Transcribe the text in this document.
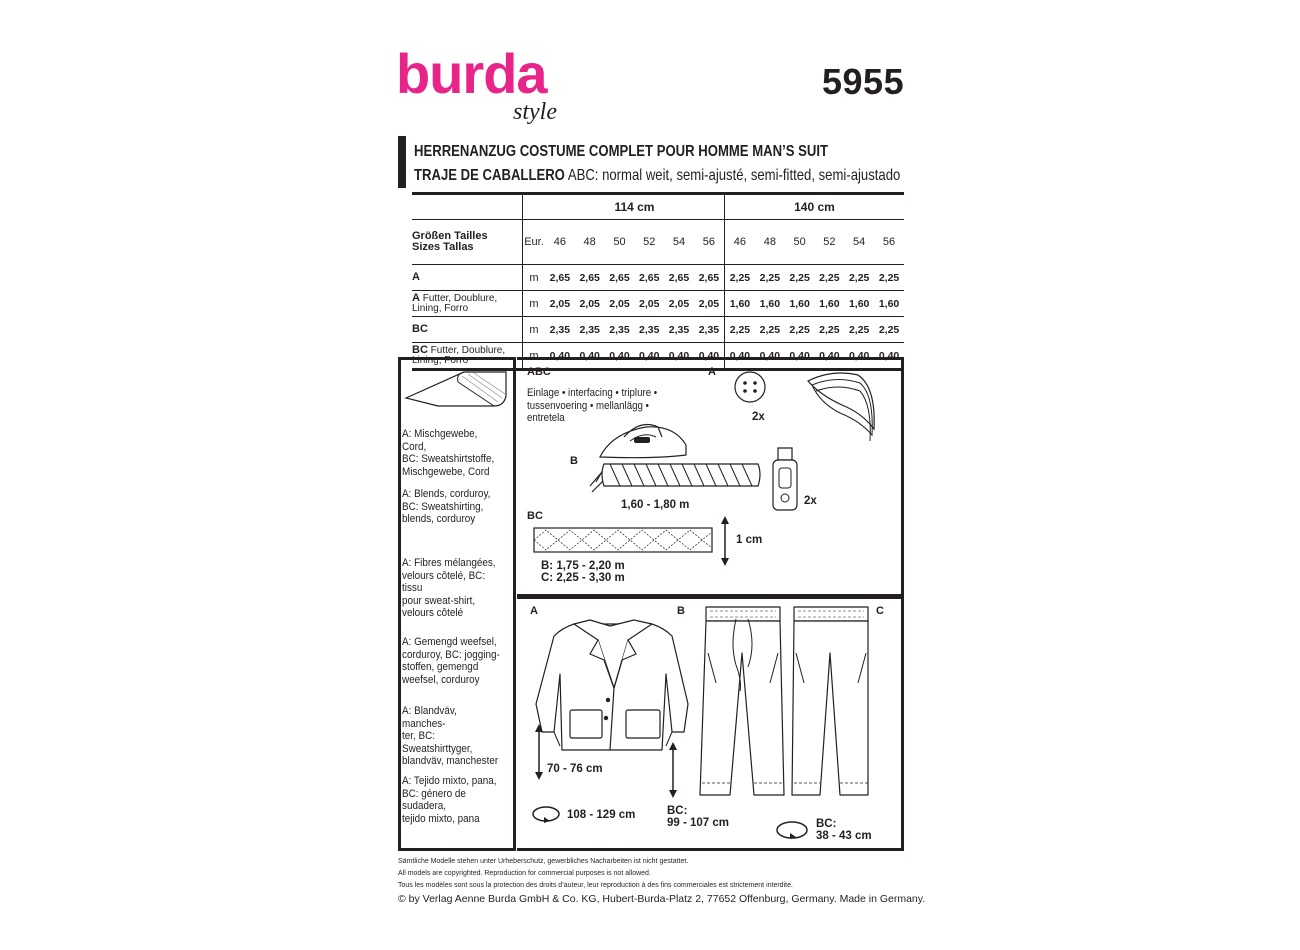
burda
style
5955
HERRENANZUG COSTUME COMPLET POUR HOMME MAN’S SUIT
TRAJE DE CABALLERO ABC: normal weit, semi-ajusté, semi-fitted, semi-ajustado
		114 cm						140 cm					
Größen Tailles
Sizes Tallas	Eur.	46	48	50	52	54	56	46	48	50	52	54	56
A	m	2,65	2,65	2,65	2,65	2,65	2,65	2,25	2,25	2,25	2,25	2,25	2,25
A Futter, Doublure,
Lining, Forro	m	2,05	2,05	2,05	2,05	2,05	2,05	1,60	1,60	1,60	1,60	1,60	1,60
BC	m	2,35	2,35	2,35	2,35	2,35	2,35	2,25	2,25	2,25	2,25	2,25	2,25
BC Futter, Doublure,
Lining, Forro	m	0,40	0,40	0,40	0,40	0,40	0,40	0,40	0,40	0,40	0,40	0,40	0,40
A: Mischgewebe, Cord,
BC: Sweatshirtstoffe,
Mischgewebe, Cord
A: Blends, corduroy,
BC: Sweatshirting,
blends, corduroy
A: Fibres mélangées,
velours côtelé, BC: tissu
pour sweat-shirt,
velours côtelé
A: Gemengd weefsel,
corduroy, BC: jogging-
stoffen, gemengd
weefsel, corduroy
A: Blandväv, manches-
ter, BC: Sweatshirttyger,
blandväv, manchester
A: Tejido mixto, pana,
BC: género de sudadera,
tejido mixto, pana
ABC
Einlage • interfacing • triplure •
tussenvoering • mellanlägg •
entretela
A
2x
B
1,60 - 1,80 m	2x
BC
1 cm
B: 1,75 - 2,20 m
C: 2,25 - 3,30 m
A	B	C
70 - 76 cm
108 - 129 cm	BC:
99 - 107 cm	BC:
38 - 43 cm
Sämtliche Modelle stehen unter Urheberschutz, gewerbliches Nacharbeiten ist nicht gestattet.
All models are copyrighted. Reproduction for commercial purposes is not allowed.
Tous les modèles sont sous la protection des droits d’auteur, leur reproduction à des fins commerciales est strictement interdite.
© by Verlag Aenne Burda GmbH & Co. KG, Hubert-Burda-Platz 2, 77652 Offenburg, Germany. Made in Germany.
